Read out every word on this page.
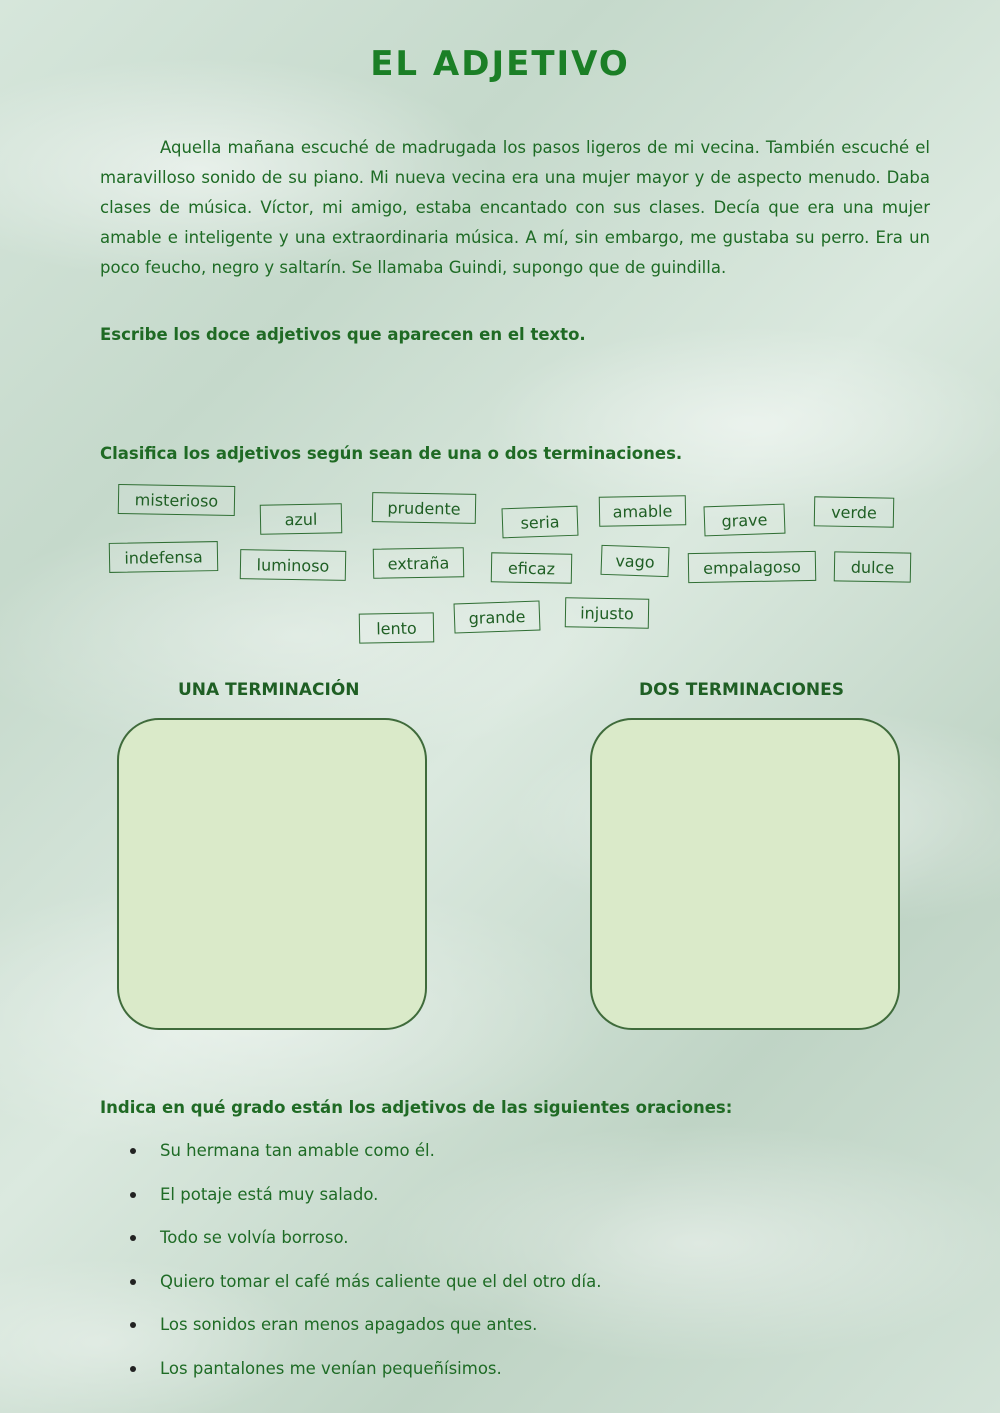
EL ADJETIVO

Aquella mañana escuché de madrugada los pasos ligeros de mi vecina. También escuché el maravilloso sonido de su piano. Mi nueva vecina era una mujer mayor y de aspecto menudo. Daba clases de música. Víctor, mi amigo, estaba encantado con sus clases. Decía que era una mujer amable e inteligente y una extraordinaria música. A mí, sin embargo, me gustaba su perro. Era un poco feucho, negro y saltarín. Se llamaba Guindi, supongo que de guindilla.

Escribe los doce adjetivos que aparecen en el texto.

Clasifica los adjetivos según sean de una o dos terminaciones.

misterioso
azul
prudente
seria
amable	grave	verde
indefensa	luminoso	extraña	eficaz	vago	empalagoso	dulce
lento
grande	injusto
UNA TERMINACIÓN	DOS TERMINACIONES

Indica en qué grado están los adjetivos de las siguientes oraciones:

Su hermana tan amable como él.
El potaje está muy salado.
Todo se volvía borroso.
Quiero tomar el café más caliente que el del otro día.
Los sonidos eran menos apagados que antes.
Los pantalones me venían pequeñísimos.
